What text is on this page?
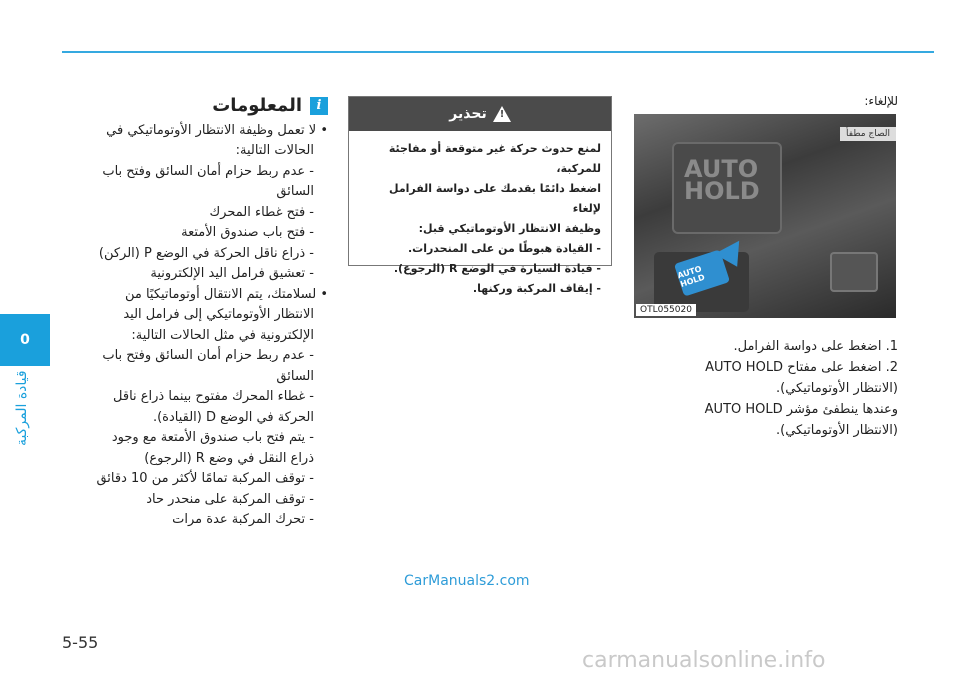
0
قيادة المركبة
للإلغاء:
AUTO
HOLD
الصاج مطفأ
AUTO HOLD
OTL055020

1. اضغط على دواسة الفرامل.

2. اضغط على مفتاح AUTO HOLD

(الانتظار الأوتوماتيكي).

وعندها ينطفئ مؤشر AUTO HOLD

(الانتظار الأوتوماتيكي).

!
تحذير

لمنع حدوث حركة غير متوقعة أو مفاجئة للمركبة،

اضغط دائمًا بقدمك على دواسة الفرامل لإلغاء

وظيفة الانتظار الأوتوماتيكي قبل:

- القيادة هبوطًا من على المنحدرات.

- قيادة السيارة في الوضع R (الرجوع).

- إيقاف المركبة وركنها.

i
المعلومات

• لا تعمل وظيفة الانتظار الأوتوماتيكي في

الحالات التالية:

- عدم ربط حزام أمان السائق وفتح باب

السائق

- فتح غطاء المحرك

- فتح باب صندوق الأمتعة

- ذراع ناقل الحركة في الوضع P (الركن)

- تعشيق فرامل اليد الإلكترونية

• لسلامتك، يتم الانتقال أوتوماتيكيًا من

الانتظار الأوتوماتيكي إلى فرامل اليد

الإلكترونية في مثل الحالات التالية:

- عدم ربط حزام أمان السائق وفتح باب

السائق

- غطاء المحرك مفتوح بينما ذراع ناقل

الحركة في الوضع D (القيادة).

- يتم فتح باب صندوق الأمتعة مع وجود

ذراع النقل في وضع R (الرجوع)

- توقف المركبة تمامًا لأكثر من 10 دقائق

- توقف المركبة على منحدر حاد

- تحرك المركبة عدة مرات

CarManuals2.com
carmanualsonline.info
5-55
